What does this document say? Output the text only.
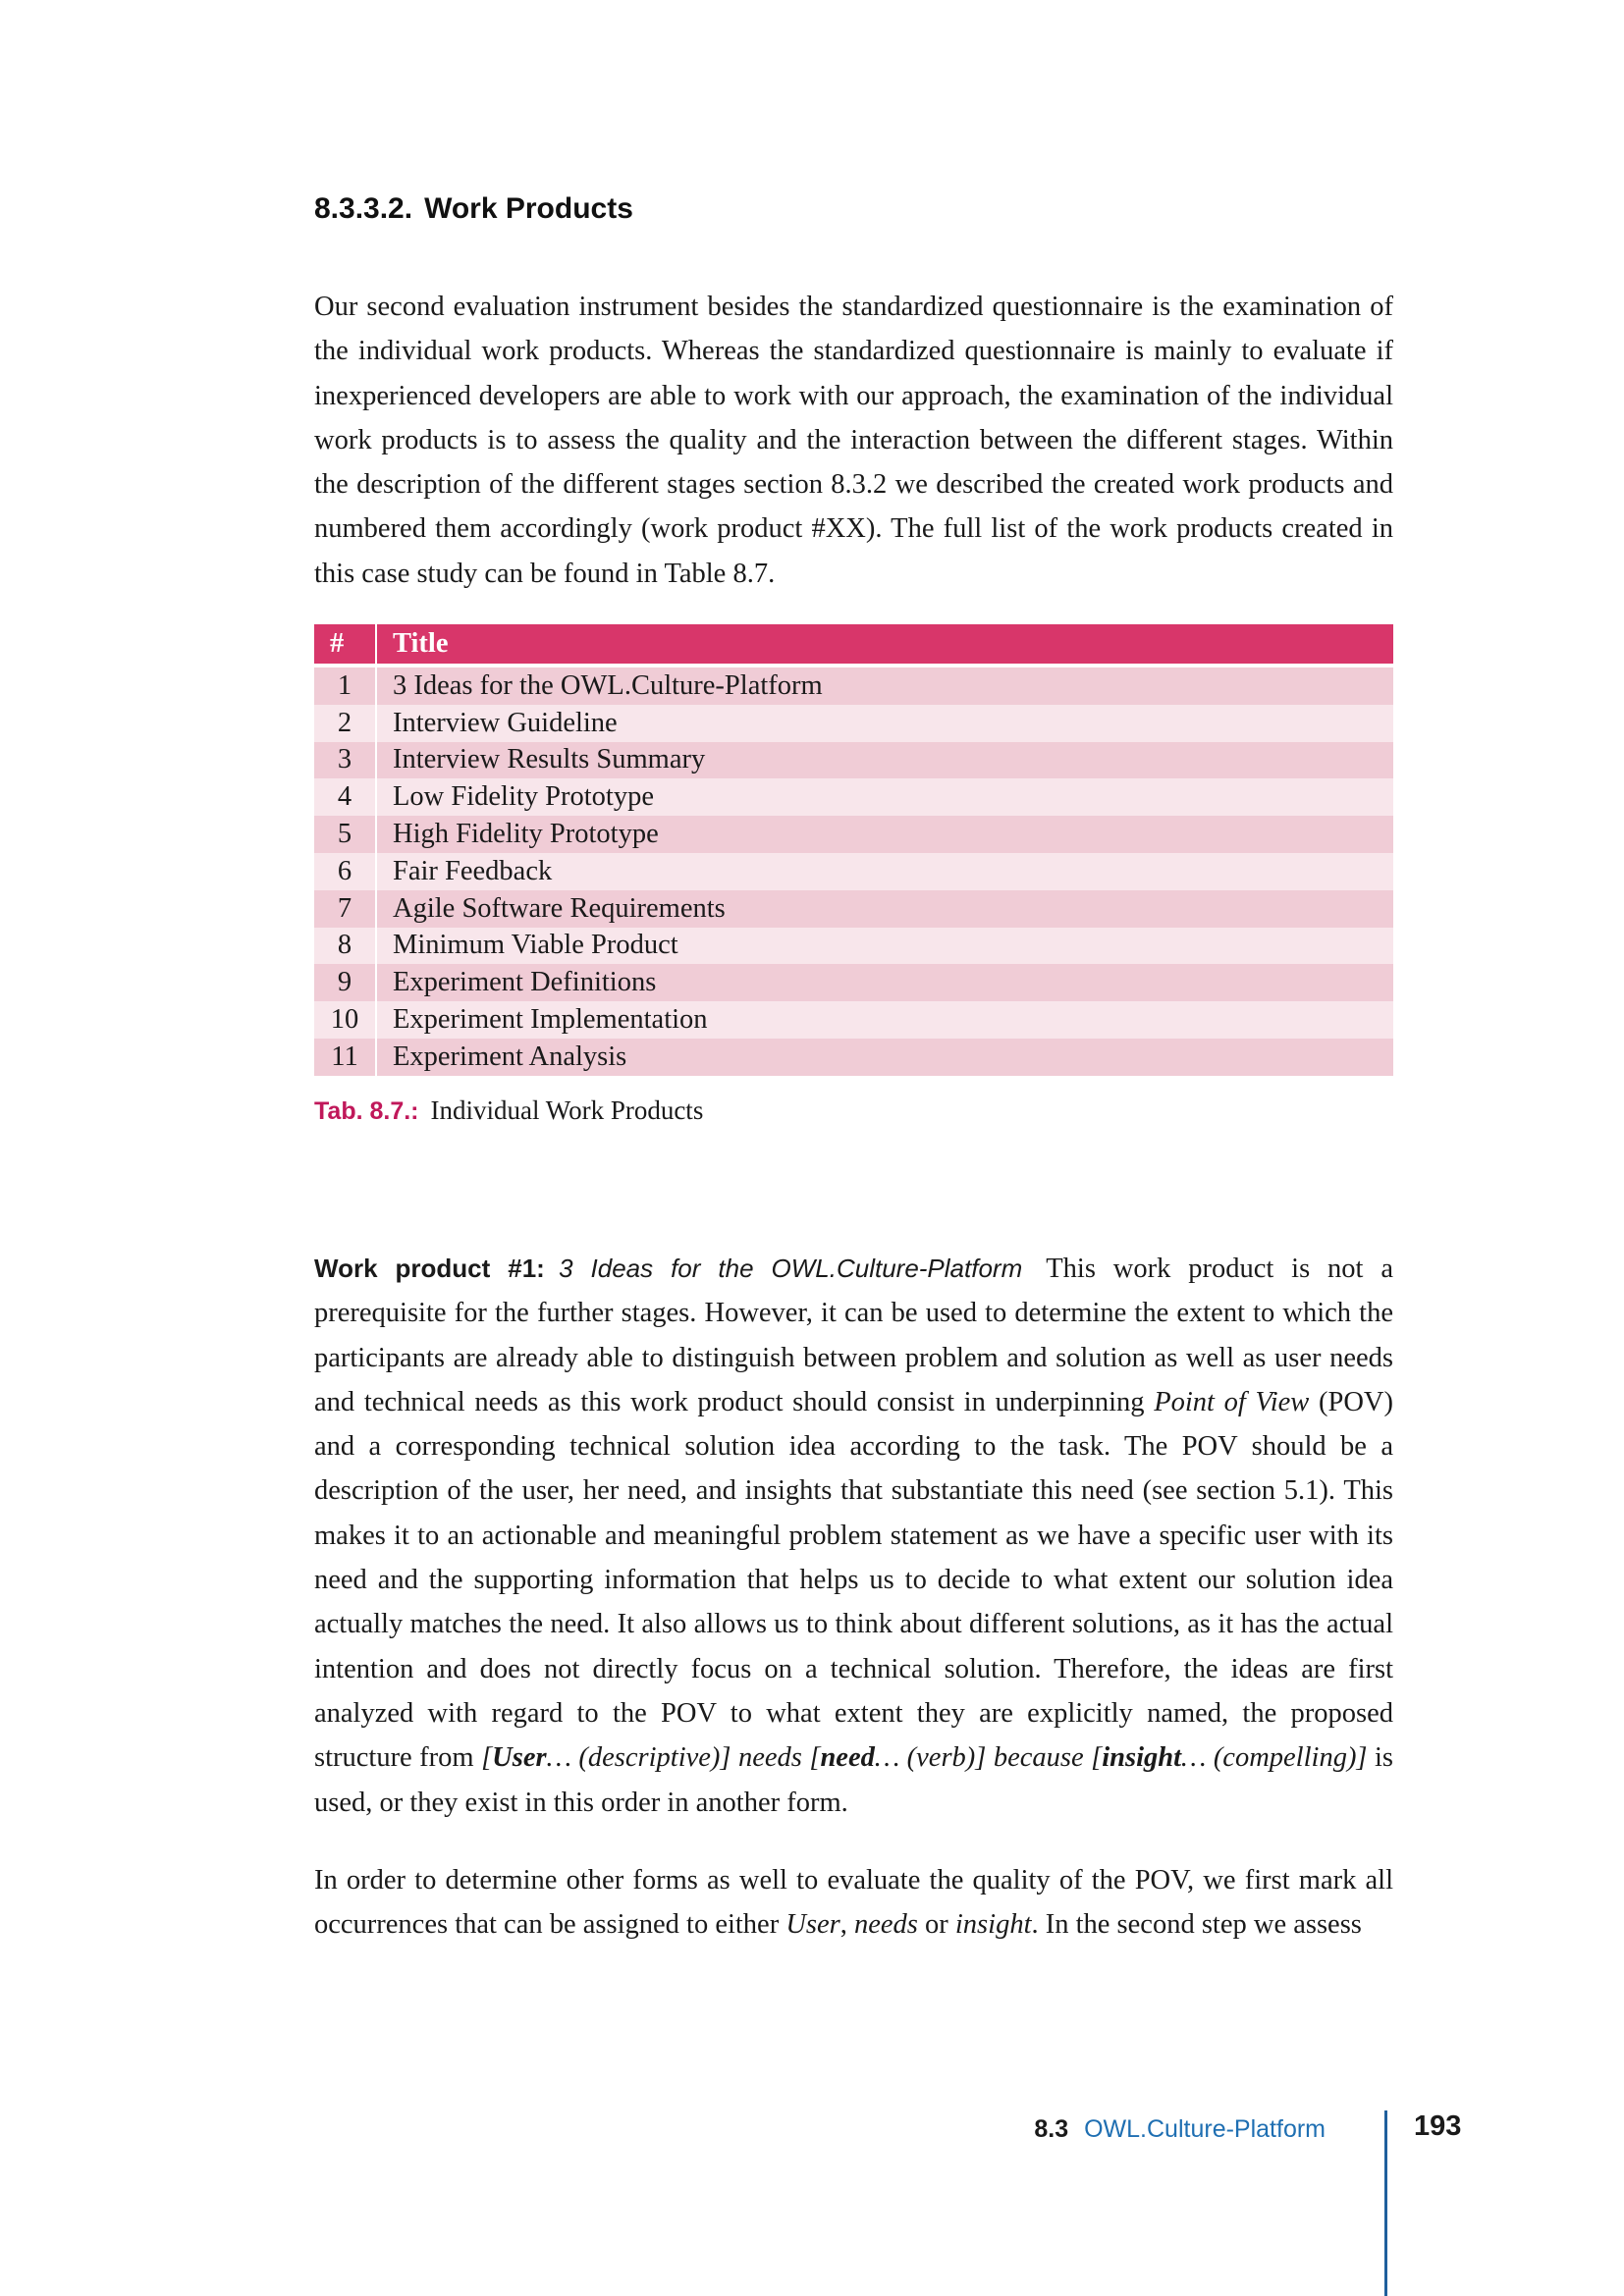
8.3.3.2. Work Products

Our second evaluation instrument besides the standardized questionnaire is the examination of the individual work products. Whereas the standardized questionnaire is mainly to evaluate if inexperienced developers are able to work with our approach, the examination of the individual work products is to assess the quality and the interaction between the different stages. Within the description of the different stages section 8.3.2 we described the created work products and numbered them accordingly (work product #XX). The full list of the work products created in this case study can be found in Table 8.7.

#	Title

1	3 Ideas for the OWL.Culture-Platform
2	Interview Guideline
3	Interview Results Summary
4	Low Fidelity Prototype
5	High Fidelity Prototype
6	Fair Feedback
7	Agile Software Requirements
8	Minimum Viable Product
9	Experiment Definitions
10	Experiment Implementation
11	Experiment Analysis
Tab. 8.7.: Individual Work Products

Work product #1:  3 Ideas for the OWL.Culture-Platform This work product is not a prerequisite for the further stages. However, it can be used to determine the extent to which the participants are already able to distinguish between problem and solution as well as user needs and technical needs as this work product should consist in underpinning Point of View (POV) and a corresponding technical solution idea according to the task. The POV should be a description of the user, her need, and insights that substantiate this need (see section 5.1). This makes it to an actionable and meaningful problem statement as we have a specific user with its need and the supporting information that helps us to decide to what extent our solution idea actually matches the need. It also allows us to think about different solutions, as it has the actual intention and does not directly focus on a technical solution. Therefore, the ideas are first analyzed with regard to the POV to what extent they are explicitly named, the proposed structure from [User… (descriptive)] needs [need… (verb)] because [insight… (compelling)] is used, or they exist in this order in another form.

In order to determine other forms as well to evaluate the quality of the POV, we first mark all occurrences that can be assigned to either User, needs or insight. In the second step we assess

8.3 OWL.Culture-Platform	193
